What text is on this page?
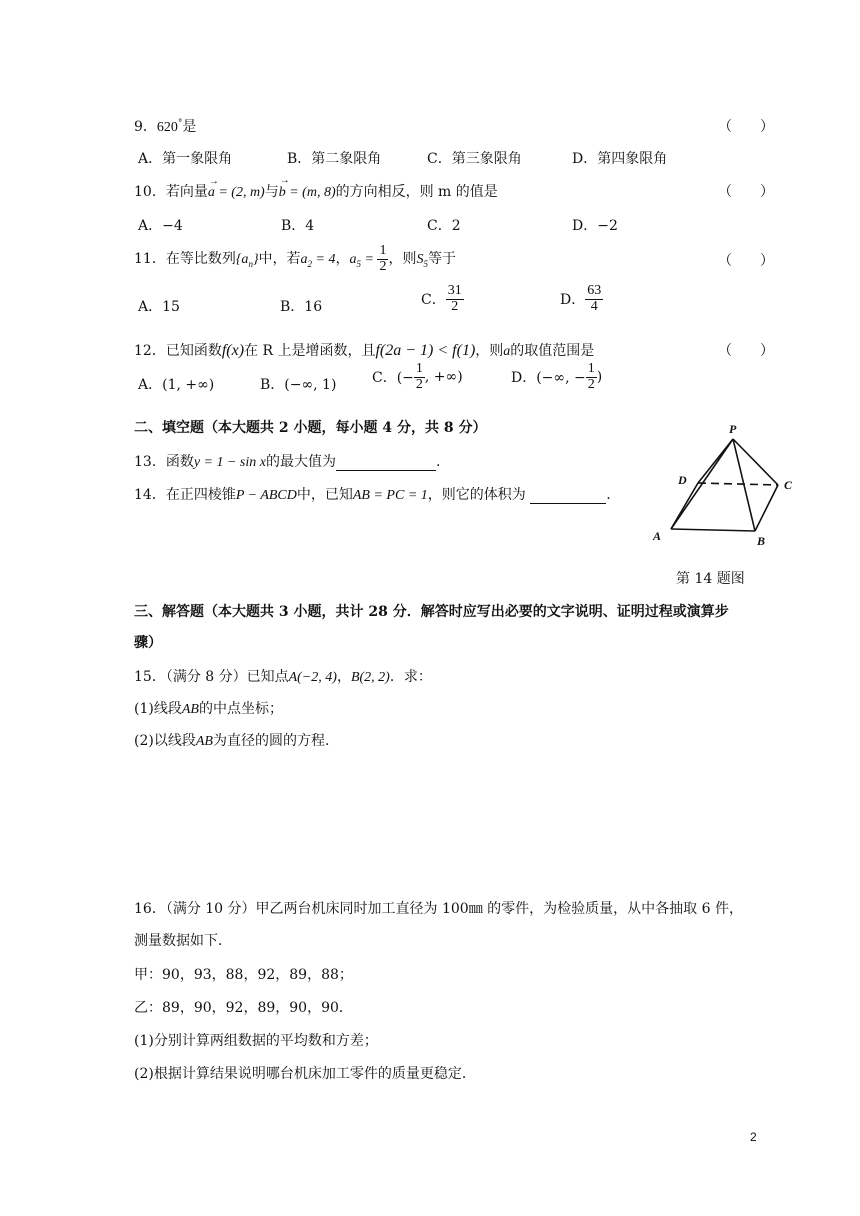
9．620°是	（　　）
A．第一象限角	B．第二象限角	C．第三象限角	D．第四象限角
10．若向量
→
a = (2, m)与
→
b = (m, 8)的方向相反，则 m 的值是	（　　）
A．−4	B．4	C．2	D．−2
11．在等比数列$\{a_n\}$中，若$a_2 = 4$，$a_5 = \frac{1}{2}$ ，则$S_5$等于	（　　）
A．15	B．16	C． $\frac{31}{2}$	D． $\frac{63}{4}$
12．已知函数f(x)在 R 上是增函数，且f(2a − 1) < f(1)，则a的取值范围是	（　　）
A．(1, +∞)	B．(−∞, 1)	C．(− $\frac{1}{2}$ , +∞)	D．(−∞, − $\frac{1}{2}$ )
二、填空题（本大题共 2 小题，每小题 4 分，共 8 分）
13．函数y = 1 − sin x的最大值为	.
14．在正四棱锥P − ABCD中，已知AB = PC = 1，则它的体积为	.
P
D	C
A	B
第 14 题图
三、解答题（本大题共 3 小题，共计 28 分．解答时应写出必要的文字说明、证明过程或演算步
骤）
15．（满分 8 分）已知点A(−2, 4)，B(2, 2)．求：
(1)线段AB的中点坐标；
(2)以线段AB为直径的圆的方程.
16．（满分 10 分）甲乙两台机床同时加工直径为 100㎜ 的零件，为检验质量，从中各抽取 6 件，
测量数据如下．
甲：90，93，88，92，89，88；
乙：89，90，92，89，90，90．
(1)分别计算两组数据的平均数和方差；
(2)根据计算结果说明哪台机床加工零件的质量更稳定．
2
